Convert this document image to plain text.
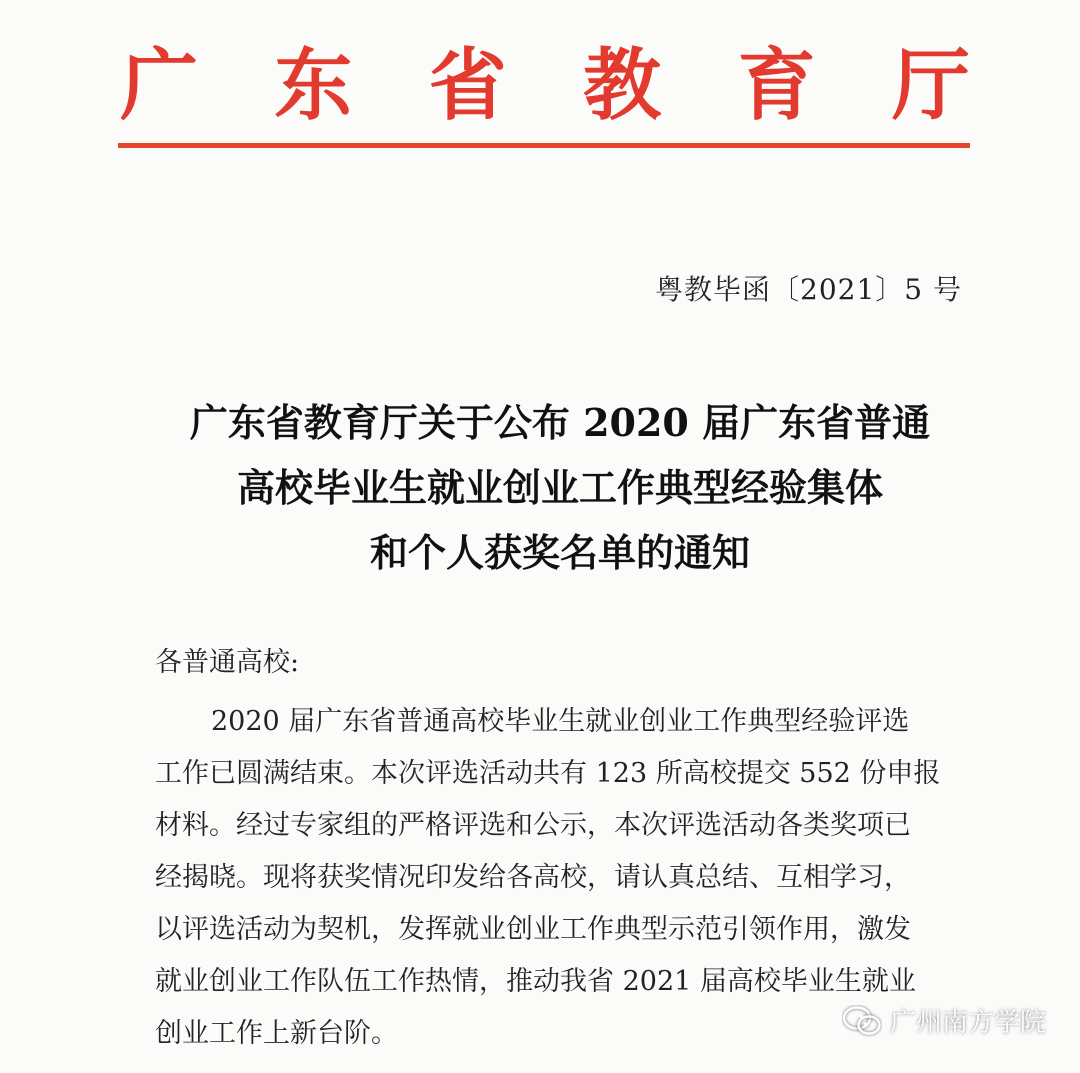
广 东 省 教 育 厅
粤教毕函〔2021〕5 号
广东省教育厅关于公布 2020 届广东省普通
高校毕业生就业创业工作典型经验集体
和个人获奖名单的通知
各普通高校:
2020 届广东省普通高校毕业生就业创业工作典型经验评选
工作已圆满结束。本次评选活动共有 123 所高校提交 552 份申报
材料。经过专家组的严格评选和公示，本次评选活动各类奖项已
经揭晓。现将获奖情况印发给各高校，请认真总结、互相学习，
以评选活动为契机，发挥就业创业工作典型示范引领作用，激发
就业创业工作队伍工作热情，推动我省 2021 届高校毕业生就业
创业工作上新台阶。	广州南方学院
